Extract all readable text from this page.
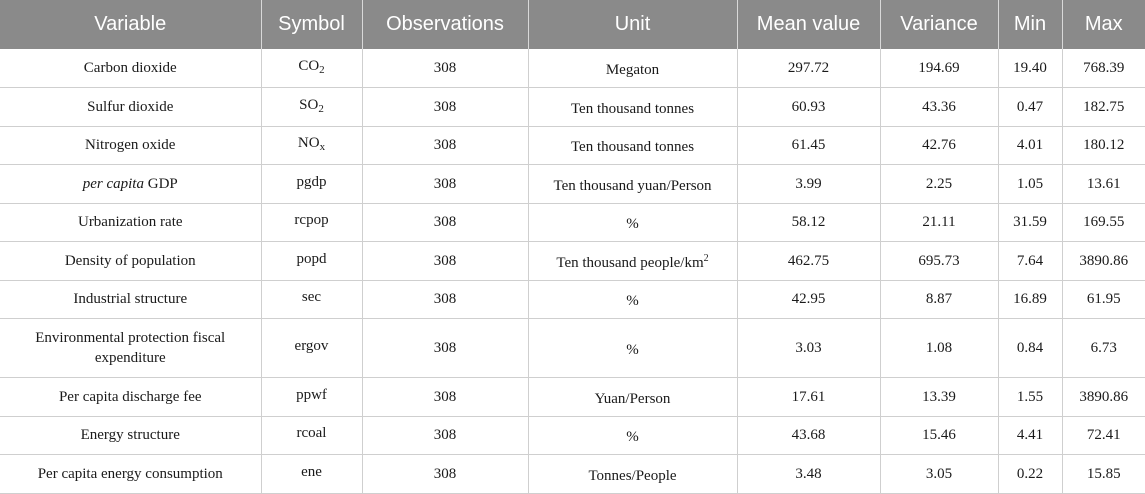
Variable	Symbol	Observations	Unit	Mean value	Variance	Min	Max
Carbon dioxide	$CO_2$	308	Megaton	297.72	194.69	19.40	768.39
Sulfur dioxide	$SO_2$	308	Ten thousand tonnes	60.93	43.36	0.47	182.75
Nitrogen oxide	$NO_x$	308	Ten thousand tonnes	61.45	42.76	4.01	180.12
per capita GDP	pgdp	308	Ten thousand yuan/Person	3.99	2.25	1.05	13.61
Urbanization rate	rcpop	308	%	58.12	21.11	31.59	169.55
Density of population	popd	308	Ten thousand people/$km^2$	462.75	695.73	7.64	3890.86
Industrial structure	sec	308	%	42.95	8.87	16.89	61.95
Environmental protection fiscal expenditure	ergov	308	%	3.03	1.08	0.84	6.73
Per capita discharge fee	ppwf	308	Yuan/Person	17.61	13.39	1.55	3890.86
Energy structure	rcoal	308	%	43.68	15.46	4.41	72.41
Per capita energy consumption	ene	308	Tonnes/People	3.48	3.05	0.22	15.85
